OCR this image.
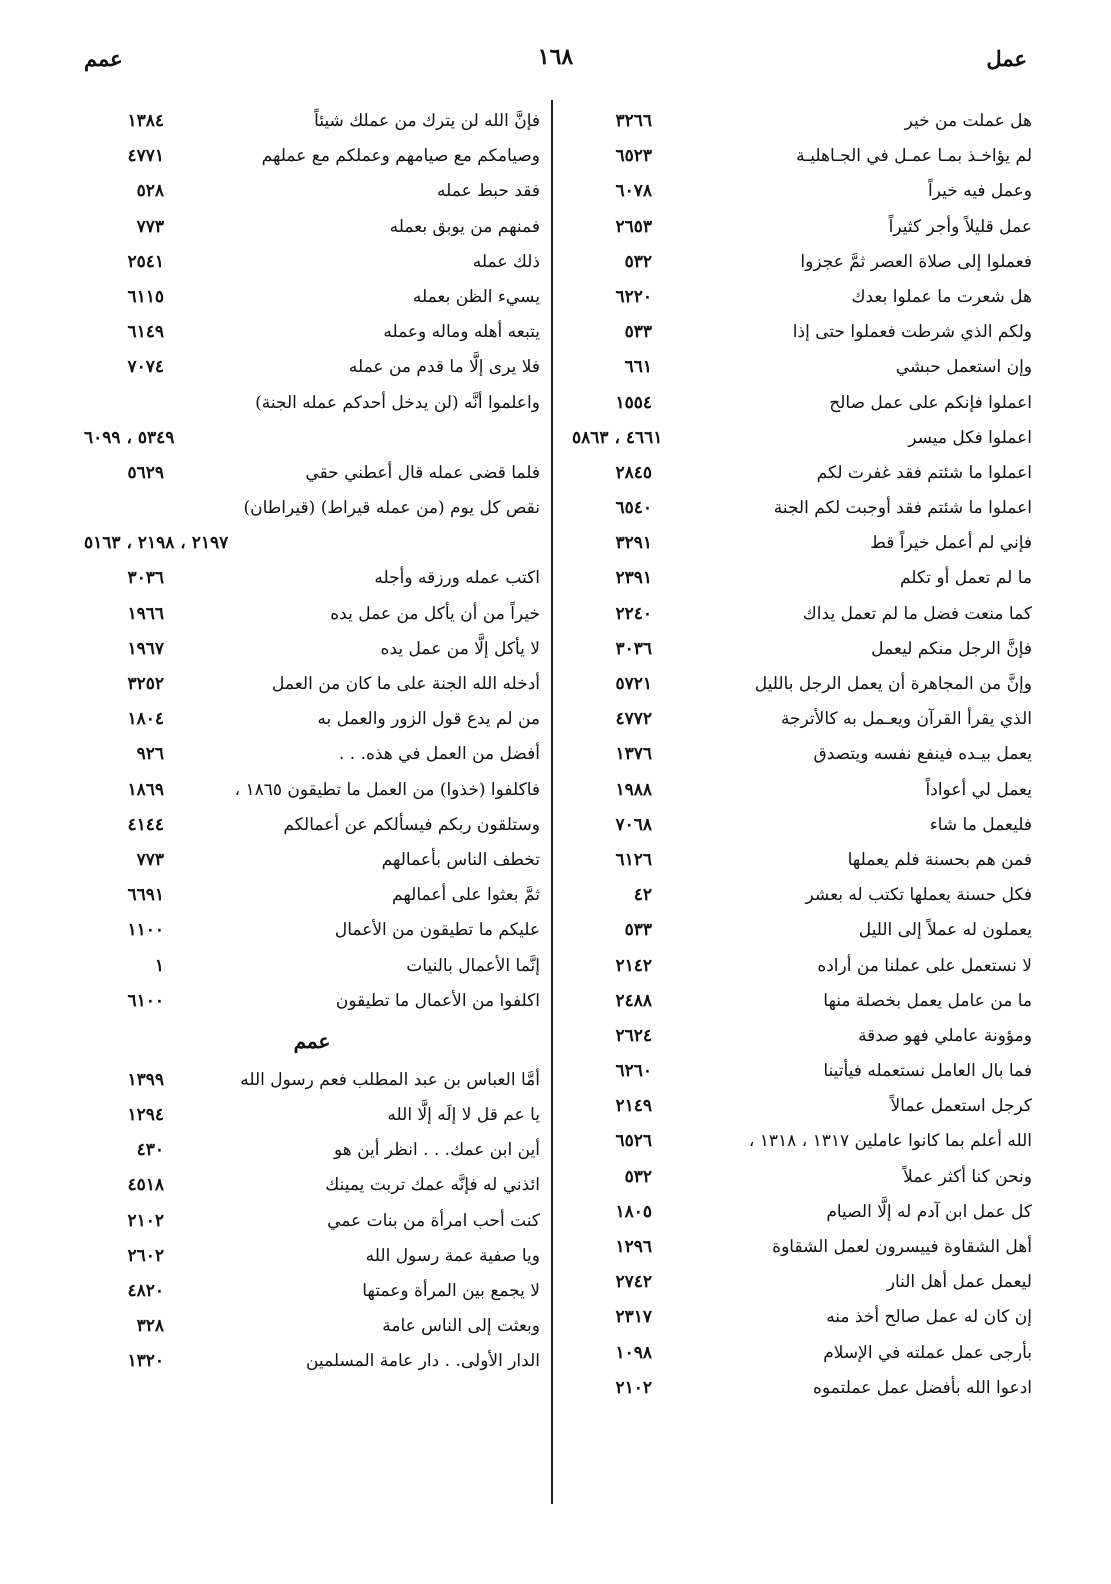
عمل
١٦٨
عمم
هل عملت من خير
٣٢٦٦
لم يؤاخـذ بمـا عمـل في الجـاهليـة
٦٥٢٣
وعمل فيه خيراً
٦٠٧٨
عمل قليلاً وأجر كثيراً
٢٦٥٣
فعملوا إلى صلاة العصر ثمَّ عجزوا
٥٣٢
هل شعرت ما عملوا بعدك
٦٢٢٠
ولكم الذي شرطت فعملوا حتى إذا
٥٣٣
وإن استعمل حبشي
٦٦١
اعملوا فإنكم على عمل صالح
١٥٥٤
اعملوا فكل ميسر
٤٦٦١ ، ٥٨٦٣
اعملوا ما شئتم فقد غفرت لكم
٢٨٤٥
اعملوا ما شئتم فقد أوجبت لكم الجنة
٦٥٤٠
فإني لم أعمل خيراً قط
٣٢٩١
ما لم تعمل أو تكلم
٢٣٩١
كما منعت فضل ما لم تعمل يداك
٢٢٤٠
فإنَّ الرجل منكم ليعمل
٣٠٣٦
وإنَّ من المجاهرة أن يعمل الرجل بالليل
٥٧٢١
الذي يقرأ القرآن ويعـمل به كالأترجة
٤٧٧٢
يعمل بيـده فينفع نفسه ويتصدق
١٣٧٦
يعمل لي أعواداً
١٩٨٨
فليعمل ما شاء
٧٠٦٨
فمن هم بحسنة فلم يعملها
٦١٢٦
فكل حسنة يعملها تكتب له بعشر
٤٢
يعملون له عملاً إلى الليل
٥٣٣
لا نستعمل على عملنا من أراده
٢١٤٢
ما من عامل يعمل بخصلة منها
٢٤٨٨
ومؤونة عاملي فهو صدقة
٢٦٢٤
فما بال العامل نستعمله فيأتينا
٦٢٦٠
كرجل استعمل عمالاً
٢١٤٩
الله أعلم بما كانوا عاملين ١٣١٧ ، ١٣١٨ ،
٦٥٢٦
ونحن كنا أكثر عملاً
٥٣٢
كل عمل ابن آدم له إلَّا الصيام
١٨٠٥
أهل الشقاوة فييسرون لعمل الشقاوة
١٢٩٦
ليعمل عمل أهل النار
٢٧٤٢
إن كان له عمل صالح أخذ منه
٢٣١٧
بأرجى عمل عملته في الإسلام
١٠٩٨
ادعوا الله بأفضل عمل عملتموه
٢١٠٢
فإنَّ الله لن يترك من عملك شيئاً
١٣٨٤
وصيامكم مع صيامهم وعملكم مع عملهم
٤٧٧١
فقد حبط عمله
٥٢٨
فمنهم من يوبق بعمله
٧٧٣
ذلك عمله
٢٥٤١
يسيء الظن بعمله
٦١١٥
يتبعه أهله وماله وعمله
٦١٤٩
فلا يرى إلَّا ما قدم من عمله
٧٠٧٤
واعلموا أنَّه (لن يدخل أحدكم عمله الجنة)
٥٣٤٩ ، ٦٠٩٩
فلما قضى عمله قال أعطني حقي
٥٦٢٩
نقص كل يوم (من عمله قيراط) (قيراطان)
٢١٩٧ ، ٢١٩٨ ، ٥١٦٣
اكتب عمله ورزقه وأجله
٣٠٣٦
خيراً من أن يأكل من عمل يده
١٩٦٦
لا يأكل إلَّا من عمل يده
١٩٦٧
أدخله الله الجنة على ما كان من العمل
٣٢٥٢
من لم يدع قول الزور والعمل به
١٨٠٤
أفضل من العمل في هذه. . .
٩٢٦
فاكلفوا (خذوا) من العمل ما تطيقون ١٨٦٥ ،
١٨٦٩
وستلقون ربكم فيسألكم عن أعمالكم
٤١٤٤
تخطف الناس بأعمالهم
٧٧٣
ثمَّ بعثوا على أعمالهم
٦٦٩١
عليكم ما تطيقون من الأعمال
١١٠٠
إنَّما الأعمال بالنيات
١
اكلفوا من الأعمال ما تطيقون
٦١٠٠
عمم
أمَّا العباس بن عبد المطلب فعم رسول الله
١٣٩٩
يا عم قل لا إلَه إلَّا الله
١٢٩٤
أين ابن عمك. . . انظر أين هو
٤٣٠
ائذني له فإنَّه عمك تربت يمينك
٤٥١٨
كنت أحب امرأة من بنات عمي
٢١٠٢
ويا صفية عمة رسول الله
٢٦٠٢
لا يجمع بين المرأة وعمتها
٤٨٢٠
وبعثت إلى الناس عامة
٣٢٨
الدار الأولى. . دار عامة المسلمين
١٣٢٠
